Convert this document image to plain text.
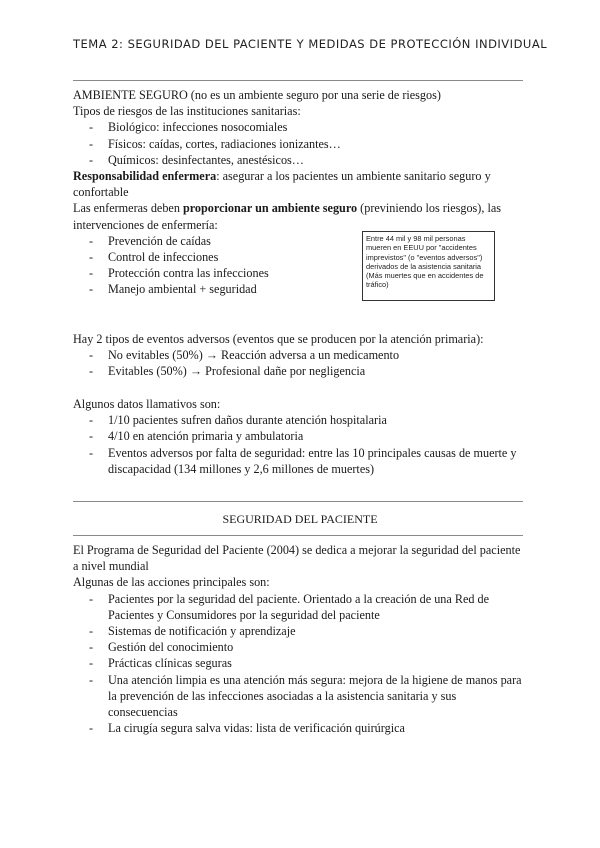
TEMA 2: SEGURIDAD DEL PACIENTE Y MEDIDAS DE PROTECCIÓN INDIVIDUAL

AMBIENTE SEGURO (no es un ambiente seguro por una serie de riesgos)

Tipos de riesgos de las instituciones sanitarias:

- Biológico: infecciones nosocomiales
- Físicos: caídas, cortes, radiaciones ionizantes…
- Químicos: desinfectantes, anestésicos…

Responsabilidad enfermera: asegurar a los pacientes un ambiente sanitario seguro y confortable

Las enfermeras deben proporcionar un ambiente seguro (previniendo los riesgos), las intervenciones de enfermería:

- Prevención de caídas
- Control de infecciones
- Protección contra las infecciones
- Manejo ambiental + seguridad
Entre 44 mil y 98 mil personas mueren en EEUU por "accidentes imprevistos" (o "eventos adversos") derivados de la asistencia sanitaria (Más muertes que en accidentes de tráfico)

Hay 2 tipos de eventos adversos (eventos que se producen por la atención primaria):

- No evitables (50%) → Reacción adversa a un medicamento
- Evitables (50%) → Profesional dañe por negligencia

Algunos datos llamativos son:

- 1/10 pacientes sufren daños durante atención hospitalaria
- 4/10 en atención primaria y ambulatoria
- Eventos adversos por falta de seguridad: entre las 10 principales causas de muerte y discapacidad (134 millones y 2,6 millones de muertes)
SEGURIDAD DEL PACIENTE

El Programa de Seguridad del Paciente (2004) se dedica a mejorar la seguridad del paciente a nivel mundial

Algunas de las acciones principales son:

- Pacientes por la seguridad del paciente. Orientado a la creación de una Red de Pacientes y Consumidores por la seguridad del paciente
- Sistemas de notificación y aprendizaje
- Gestión del conocimiento
- Prácticas clínicas seguras
- Una atención limpia es una atención más segura: mejora de la higiene de manos para la prevención de las infecciones asociadas a la asistencia sanitaria y sus consecuencias
- La cirugía segura salva vidas: lista de verificación quirúrgica
